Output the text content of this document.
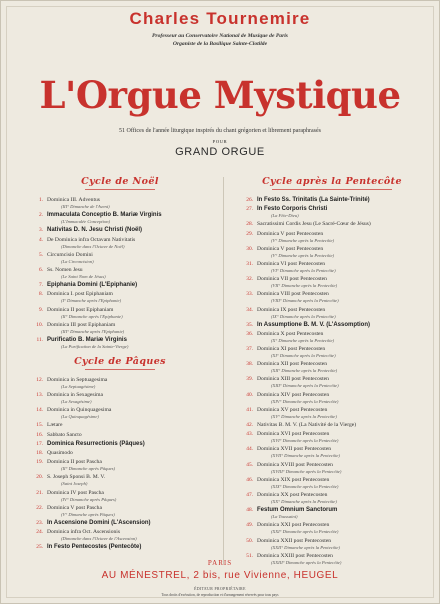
Charles Tournemire
Professeur au Conservatoire National de Musique de Paris
Organiste de la Basilique Sainte-Clotilde
L'Orgue Mystique
51 Offices de l'année liturgique inspirés du chant grégorien et librement paraphrasés
POUR
GRAND ORGUE
Cycle de Noël
1. Dominica III. Adventus
(III° Dimanche de l'Avent)
2. Immaculata Conceptio B. Mariæ Virginis
(L'Immaculée Conception)
3. Nativitas D. N. Jesu Christi (Noël)
4. De Dominica infra Octavam Nativitatis
(Dimanche dans l'Octave de Noël)
5. Circumcisio Domini
(La Circoncision)
6. Ss. Nomen Jesu
(Le Saint Nom de Jésus)
7. Epiphania Domini (L'Epiphanie)
8. Dominica I. post Epiphaniam
(I° Dimanche après l'Epiphanie)
9. Dominica II post Epiphaniam
(II° Dimanche après l'Epiphanie)
10. Dominica III post Epiphaniam
(III° Dimanche après l'Epiphanie)
11. Purificatio B. Mariæ Virginis
(La Purification de la Sainte-Vierge)
Cycle de Pâques
12. Dominica in Septuagesima
(La Septuagésime)
13. Dominica in Sexagesima
(La Sexagésime)
14. Dominica in Quinquagesima
(La Quinquagésime)
15. Lætare
16. Sabbato Sancto
17. Dominica Resurrectionis (Pâques)
18. Quasimodo
19. Dominica II post Pascha
(II° Dimanche après Pâques)
20. S. Joseph Sponsi B. M. V.
(Saint Joseph)
21. Dominica IV post Pascha
(IV° Dimanche après Pâques)
22. Dominica V post Pascha
(V° Dimanche après Pâques)
23. In Ascensione Domini (L'Ascension)
24. Dominica infra Oct. Ascensionis
(Dimanche dans l'Octave de l'Ascension)
25. In Festo Pentecostes (Pentecôte)
Cycle après la Pentecôte
26. In Festo Ss. Trinitatis (La Sainte-Trinité)
27. In Festo Corporis Christi
(La Fête-Dieu)
28. Sacratissimi Cordis Jesu (Le Sacré-Cœur de Jésus)
29. Dominica V post Pentecosten
(V° Dimanche après la Pentecôte)
30. Dominica V post Pentecosten
(V° Dimanche après la Pentecôte)
31. Dominica VI post Pentecosten
(VI° Dimanche après la Pentecôte)
32. Dominica VII post Pentecosten
(VII° Dimanche après la Pentecôte)
33. Dominica VIII post Pentecosten
(VIII° Dimanche après la Pentecôte)
34. Dominica IX post Pentecosten
(IX° Dimanche après la Pentecôte)
35. In Assumptione B. M. V. (L'Assomption)
36. Dominica X post Pentecosten
(X° Dimanche après la Pentecôte)
37. Dominica XI post Pentecosten
(XI° Dimanche après la Pentecôte)
38. Dominica XII post Pentecosten
(XII° Dimanche après la Pentecôte)
39. Dominica XIII post Pentecosten
(XIII° Dimanche après la Pentecôte)
40. Dominica XIV post Pentecosten
(XIV° Dimanche après la Pentecôte)
41. Dominica XV post Pentecosten
(XV° Dimanche après la Pentecôte)
42. Nativitas B. M. V. (La Nativité de la Vierge)
43. Dominica XVI post Pentecosten
(XVI° Dimanche après la Pentecôte)
44. Dominica XVII post Pentecosten
(XVII° Dimanche après la Pentecôte)
45. Dominica XVIII post Pentecosten
(XVIII° Dimanche après la Pentecôte)
46. Dominica XIX post Pentecosten
(XIX° Dimanche après la Pentecôte)
47. Dominica XX post Pentecosten
(XX° Dimanche après la Pentecôte)
48. Festum Omnium Sanctorum
(La Toussaint)
49. Dominica XXI post Pentecosten
(XXI° Dimanche après la Pentecôte)
50. Dominica XXII post Pentecosten
(XXII° Dimanche après la Pentecôte)
51. Dominica XXIII post Pentecosten
(XXIII° Dimanche après la Pentecôte)
PARIS
AU MÉNESTREL, 2 bis, rue Vivienne, HEUGEL
ÉDITEUR PROPRIÉTAIRE
Tous droits d'exécution, de reproduction et d'arrangement réservés pour tous pays
